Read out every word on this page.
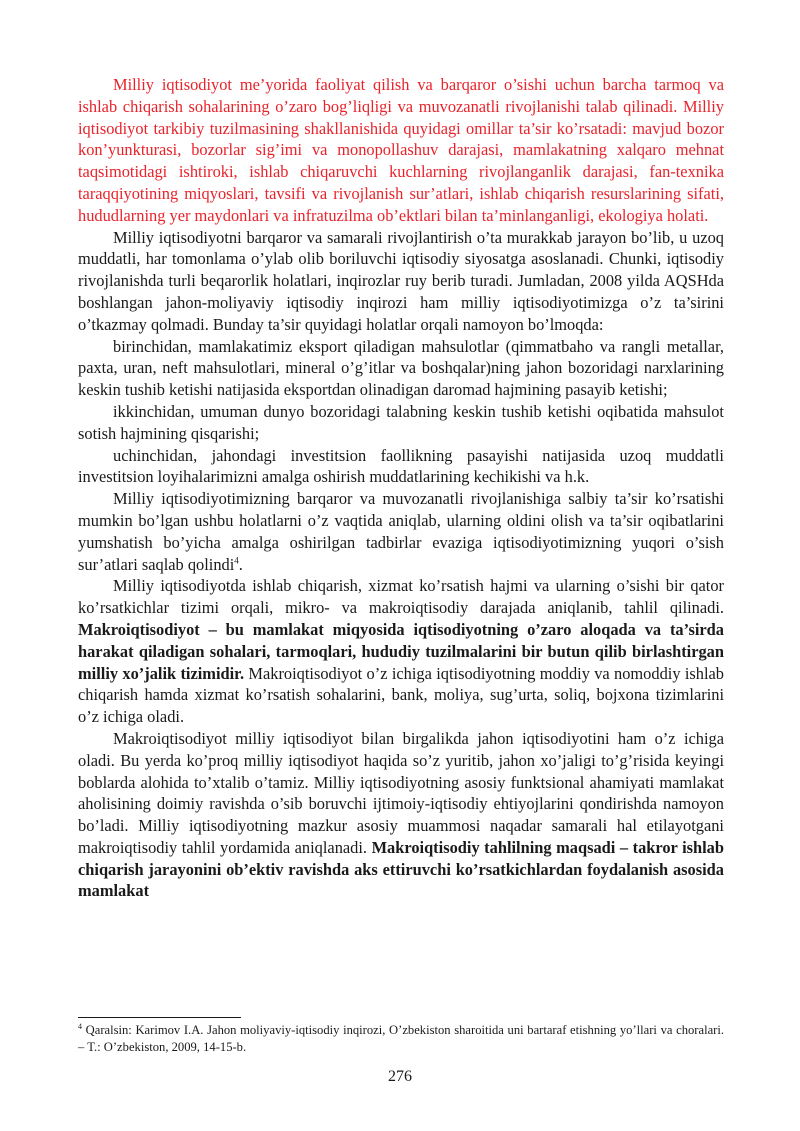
Milliy iqtisodiyot me’yorida faoliyat qilish va barqaror o’sishi uchun barcha tarmoq va ishlab chiqarish sohalarining o’zaro bog’liqligi va muvozanatli rivojlanishi talab qilinadi. Milliy iqtisodiyot tarkibiy tuzilmasining shakllanishida quyidagi omillar ta’sir ko’rsatadi: mavjud bozor kon’yunkturasi, bozorlar sig’imi va monopollashuv darajasi, mamlakatning xalqaro mehnat taqsimotidagi ishtiroki, ishlab chiqaruvchi kuchlarning rivojlanganlik darajasi, fan-texnika taraqqiyotining miqyoslari, tavsifi va rivojlanish sur’atlari, ishlab chiqarish resurslarining sifati, hududlarning yer maydonlari va infratuzilma ob’ektlari bilan ta’minlanganligi, ekologiya holati.

Milliy iqtisodiyotni barqaror va samarali rivojlantirish o’ta murakkab jarayon bo’lib, u uzoq muddatli, har tomonlama o’ylab olib boriluvchi iqtisodiy siyosatga asoslanadi. Chunki, iqtisodiy rivojlanishda turli beqarorlik holatlari, inqirozlar ruy berib turadi. Jumladan, 2008 yilda AQSHda boshlangan jahon-moliyaviy iqtisodiy inqirozi ham milliy iqtisodiyotimizga o’z ta’sirini o’tkazmay qolmadi. Bunday ta’sir quyidagi holatlar orqali namoyon bo’lmoqda:

birinchidan, mamlakatimiz eksport qiladigan mahsulotlar (qimmatbaho va rangli metallar, paxta, uran, neft mahsulotlari, mineral o’g’itlar va boshqalar)ning jahon bozoridagi narxlarining keskin tushib ketishi natijasida eksportdan olinadigan daromad hajmining pasayib ketishi;

ikkinchidan, umuman dunyo bozoridagi talabning keskin tushib ketishi oqibatida mahsulot sotish hajmining qisqarishi;

uchinchidan, jahondagi investitsion faollikning pasayishi natijasida uzoq muddatli investitsion loyihalarimizni amalga oshirish muddatlarining kechikishi va h.k.

Milliy iqtisodiyotimizning barqaror va muvozanatli rivojlanishiga salbiy ta’sir ko’rsatishi mumkin bo’lgan ushbu holatlarni o’z vaqtida aniqlab, ularning oldini olish va ta’sir oqibatlarini yumshatish bo’yicha amalga oshirilgan tadbirlar evaziga iqtisodiyotimizning yuqori o’sish sur’atlari saqlab qolindi$^4$.

Milliy iqtisodiyotda ishlab chiqarish, xizmat ko’rsatish hajmi va ularning o’sishi bir qator ko’rsatkichlar tizimi orqali, mikro- va makroiqtisodiy darajada aniqlanib, tahlil qilinadi. Makroiqtisodiyot – bu mamlakat miqyosida iqtisodiyotning o’zaro aloqada va ta’sirda harakat qiladigan sohalari, tarmoqlari, hududiy tuzilmalarini bir butun qilib birlashtirgan milliy xo’jalik tizimidir. Makroiqtisodiyot o’z ichiga iqtisodiyotning moddiy va nomoddiy ishlab chiqarish hamda xizmat ko’rsatish sohalarini, bank, moliya, sug’urta, soliq, bojxona tizimlarini o’z ichiga oladi.

Makroiqtisodiyot milliy iqtisodiyot bilan birgalikda jahon iqtisodiyotini ham o’z ichiga oladi. Bu yerda ko’proq milliy iqtisodiyot haqida so’z yuritib, jahon xo’jaligi to’g’risida keyingi boblarda alohida to’xtalib o’tamiz. Milliy iqtisodiyotning asosiy funktsional ahamiyati mamlakat aholisining doimiy ravishda o’sib boruvchi ijtimoiy-iqtisodiy ehtiyojlarini qondirishda namoyon bo’ladi. Milliy iqtisodiyotning mazkur asosiy muammosi naqadar samarali hal etilayotgani makroiqtisodiy tahlil yordamida aniqlanadi. Makroiqtisodiy tahlilning maqsadi – takror ishlab chiqarish jarayonini ob’ektiv ravishda aks ettiruvchi ko’rsatkichlardan foydalanish asosida mamlakat

$^4$ Qaralsin: Karimov I.A. Jahon moliyaviy-iqtisodiy inqirozi, O’zbekiston sharoitida uni bartaraf etishning yo’llari va choralari. – T.: O’zbekiston, 2009, 14-15-b.

276
